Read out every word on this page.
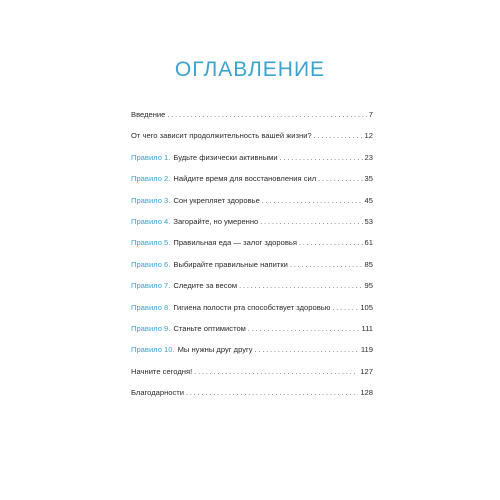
ОГЛАВЛЕНИЕ
Введение . . .	7
От чего зависит продолжительность вашей жизни? . . .	12
Правило 1. Будьте физически активными . . .	23
Правило 2. Найдите время для восстановления сил . . .	35
Правило 3. Сон укрепляет здоровье . . .	45
Правило 4. Загорайте, но умеренно . . .	53
Правило 5. Правильная еда — залог здоровья . . .	61
Правило 6. Выбирайте правильные напитки . . .	85
Правило 7. Следите за весом . . .	95
Правило 8. Гигиена полости рта способствует здоровью . . .	105
Правило 9. Станьте оптимистом . . .	111
Правило 10. Мы нужны друг другу . . .	119
Начните сегодня! . . .	127
Благодарности . . .	128
